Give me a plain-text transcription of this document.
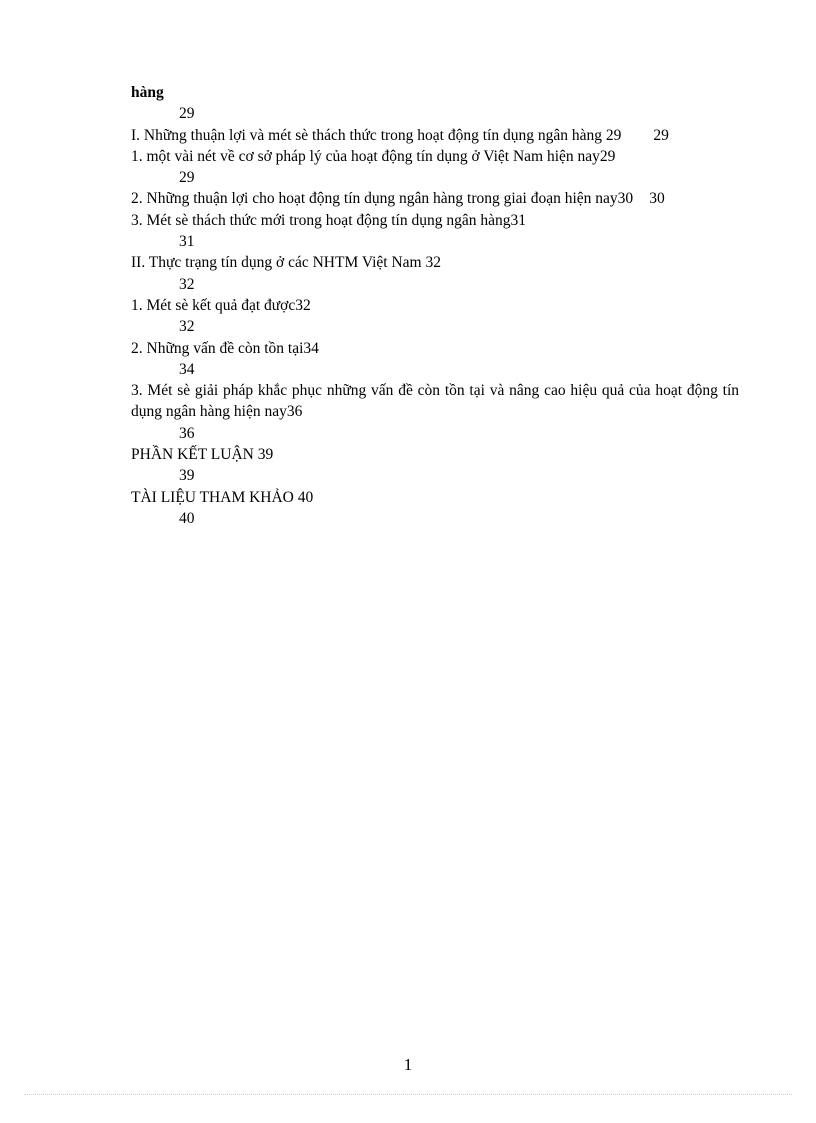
hàng
29
I. Những thuận lợi và mét sè thách thức trong hoạt động tín dụng ngân hàng 29 29
1. một vài nét về cơ sở pháp lý của hoạt động tín dụng ở Việt Nam hiện nay29
29
2. Những thuận lợi cho hoạt động tín dụng ngân hàng trong giai đoạn hiện nay30 30
3. Mét sè thách thức mới trong hoạt động tín dụng ngân hàng31
31
II. Thực trạng tín dụng ở các NHTM Việt Nam 32
32
1. Mét sè kết quả đạt được32
32
2. Những vấn đề còn tồn tại34
34
3. Mét sè giải pháp khắc phục những vấn đề còn tồn tại và nâng cao hiệu quả của hoạt động tín dụng ngân hàng hiện nay36
36
PHẦN KẾT LUẬN 39
39
TÀI LIỆU THAM KHẢO 40
40
1
